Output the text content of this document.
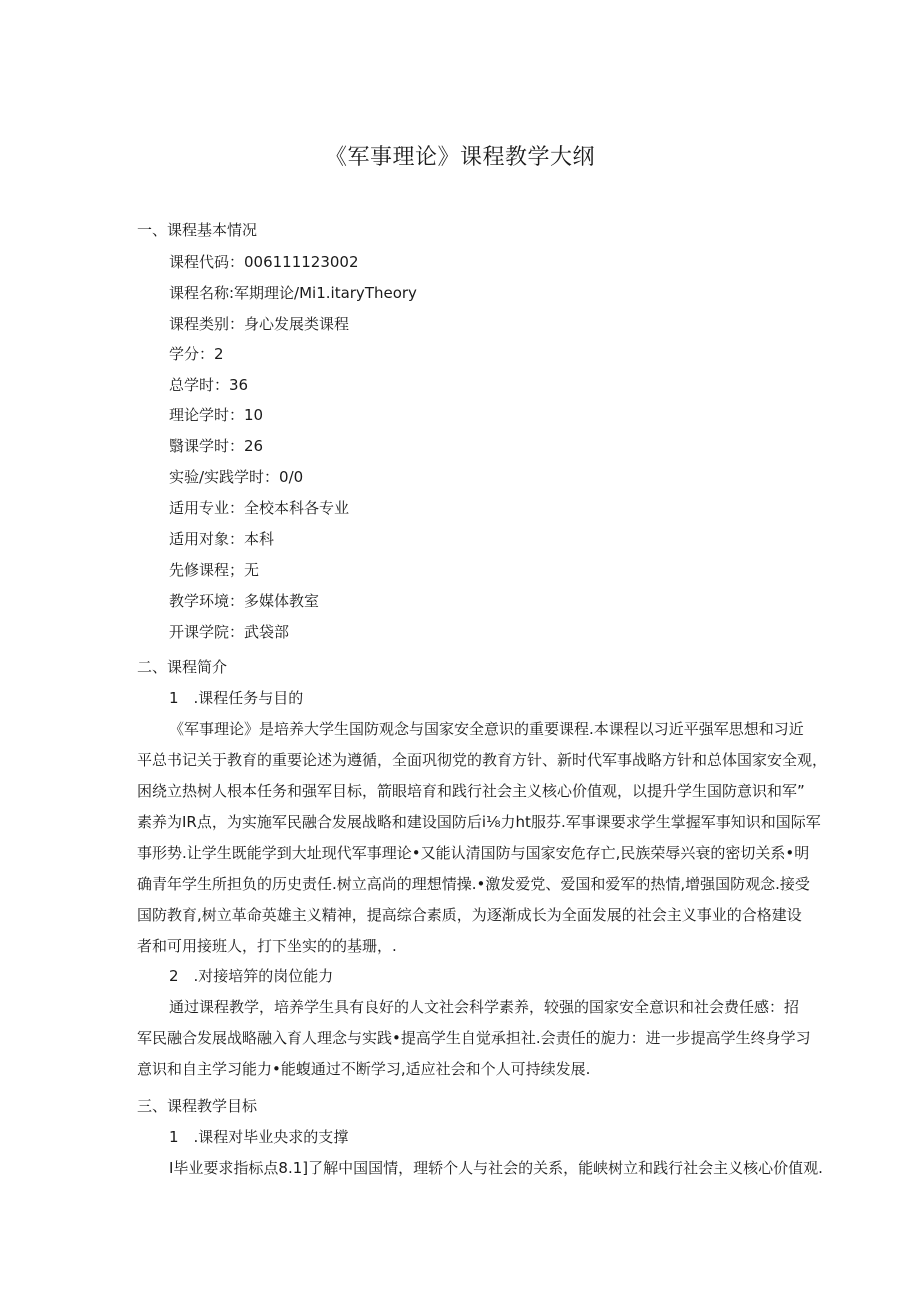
《军事理论》课程教学大纲
一、课程基本情况
课程代码：006111123002
课程名称:军期理论/Mi1.itaryTheory
课程类别：身心发展类课程
学分：2
总学时：36
理论学时：10
翳课学时：26
实验/实践学时：0/0
适用专业：全校本科各专业
适用对象：本科
先修课程；无
教学环境：多媒体教室
开课学院：武袋部
二、课程简介
1　.课程任务与目的

《军事理论》是培养大学生国防观念与国家安全意识的重要课程.本课程以习近平强军思想和习近

平总书记关于教育的重要论述为遵循，全面巩彻党的教育方针、新时代军事战略方针和总体国家安全观，

困绕立热树人根本任务和强军目标，箭眼培育和践行社会主义核心价值观，以提升学生国防意识和军”

素养为IR点，为实施军民融合发展战略和建设国防后i⅛力ht服芬.军事课要求学生掌握军事知识和国际军

事形势.让学生既能学到大址现代军事理论•又能认清国防与国家安危存亡,民族荣辱兴衰的密切关系•明

确青年学生所担负的历史责任.树立高尚的理想情操.•激发爱党、爱国和爱军的热情,增强国防观念.接受

国防教育,树立革命英雄主义精神，提高综合素质，为逐渐成长为全面发展的社会主义事业的合格建设

者和可用接班人，打下坐实的的基珊，.

2　.对接培笄的岗位能力

通过课程教学，培养学生具有良好的人文社会科学素养，较强的国家安全意识和社会费任感：招

军民融合发展战略融入育人理念与实践•提高学生自觉承担社.会责任的旎力：进一步提高学生终身学习

意识和自主学习能力•能蝮通过不断学习,适应社会和个人可持续发展.

三、课程教学目标
1　.课程对毕业央求的支撑

I毕业要求指标点8.1]了解中国国情，理轿个人与社会的关系，能峡树立和践行社会主义核心价值观.
